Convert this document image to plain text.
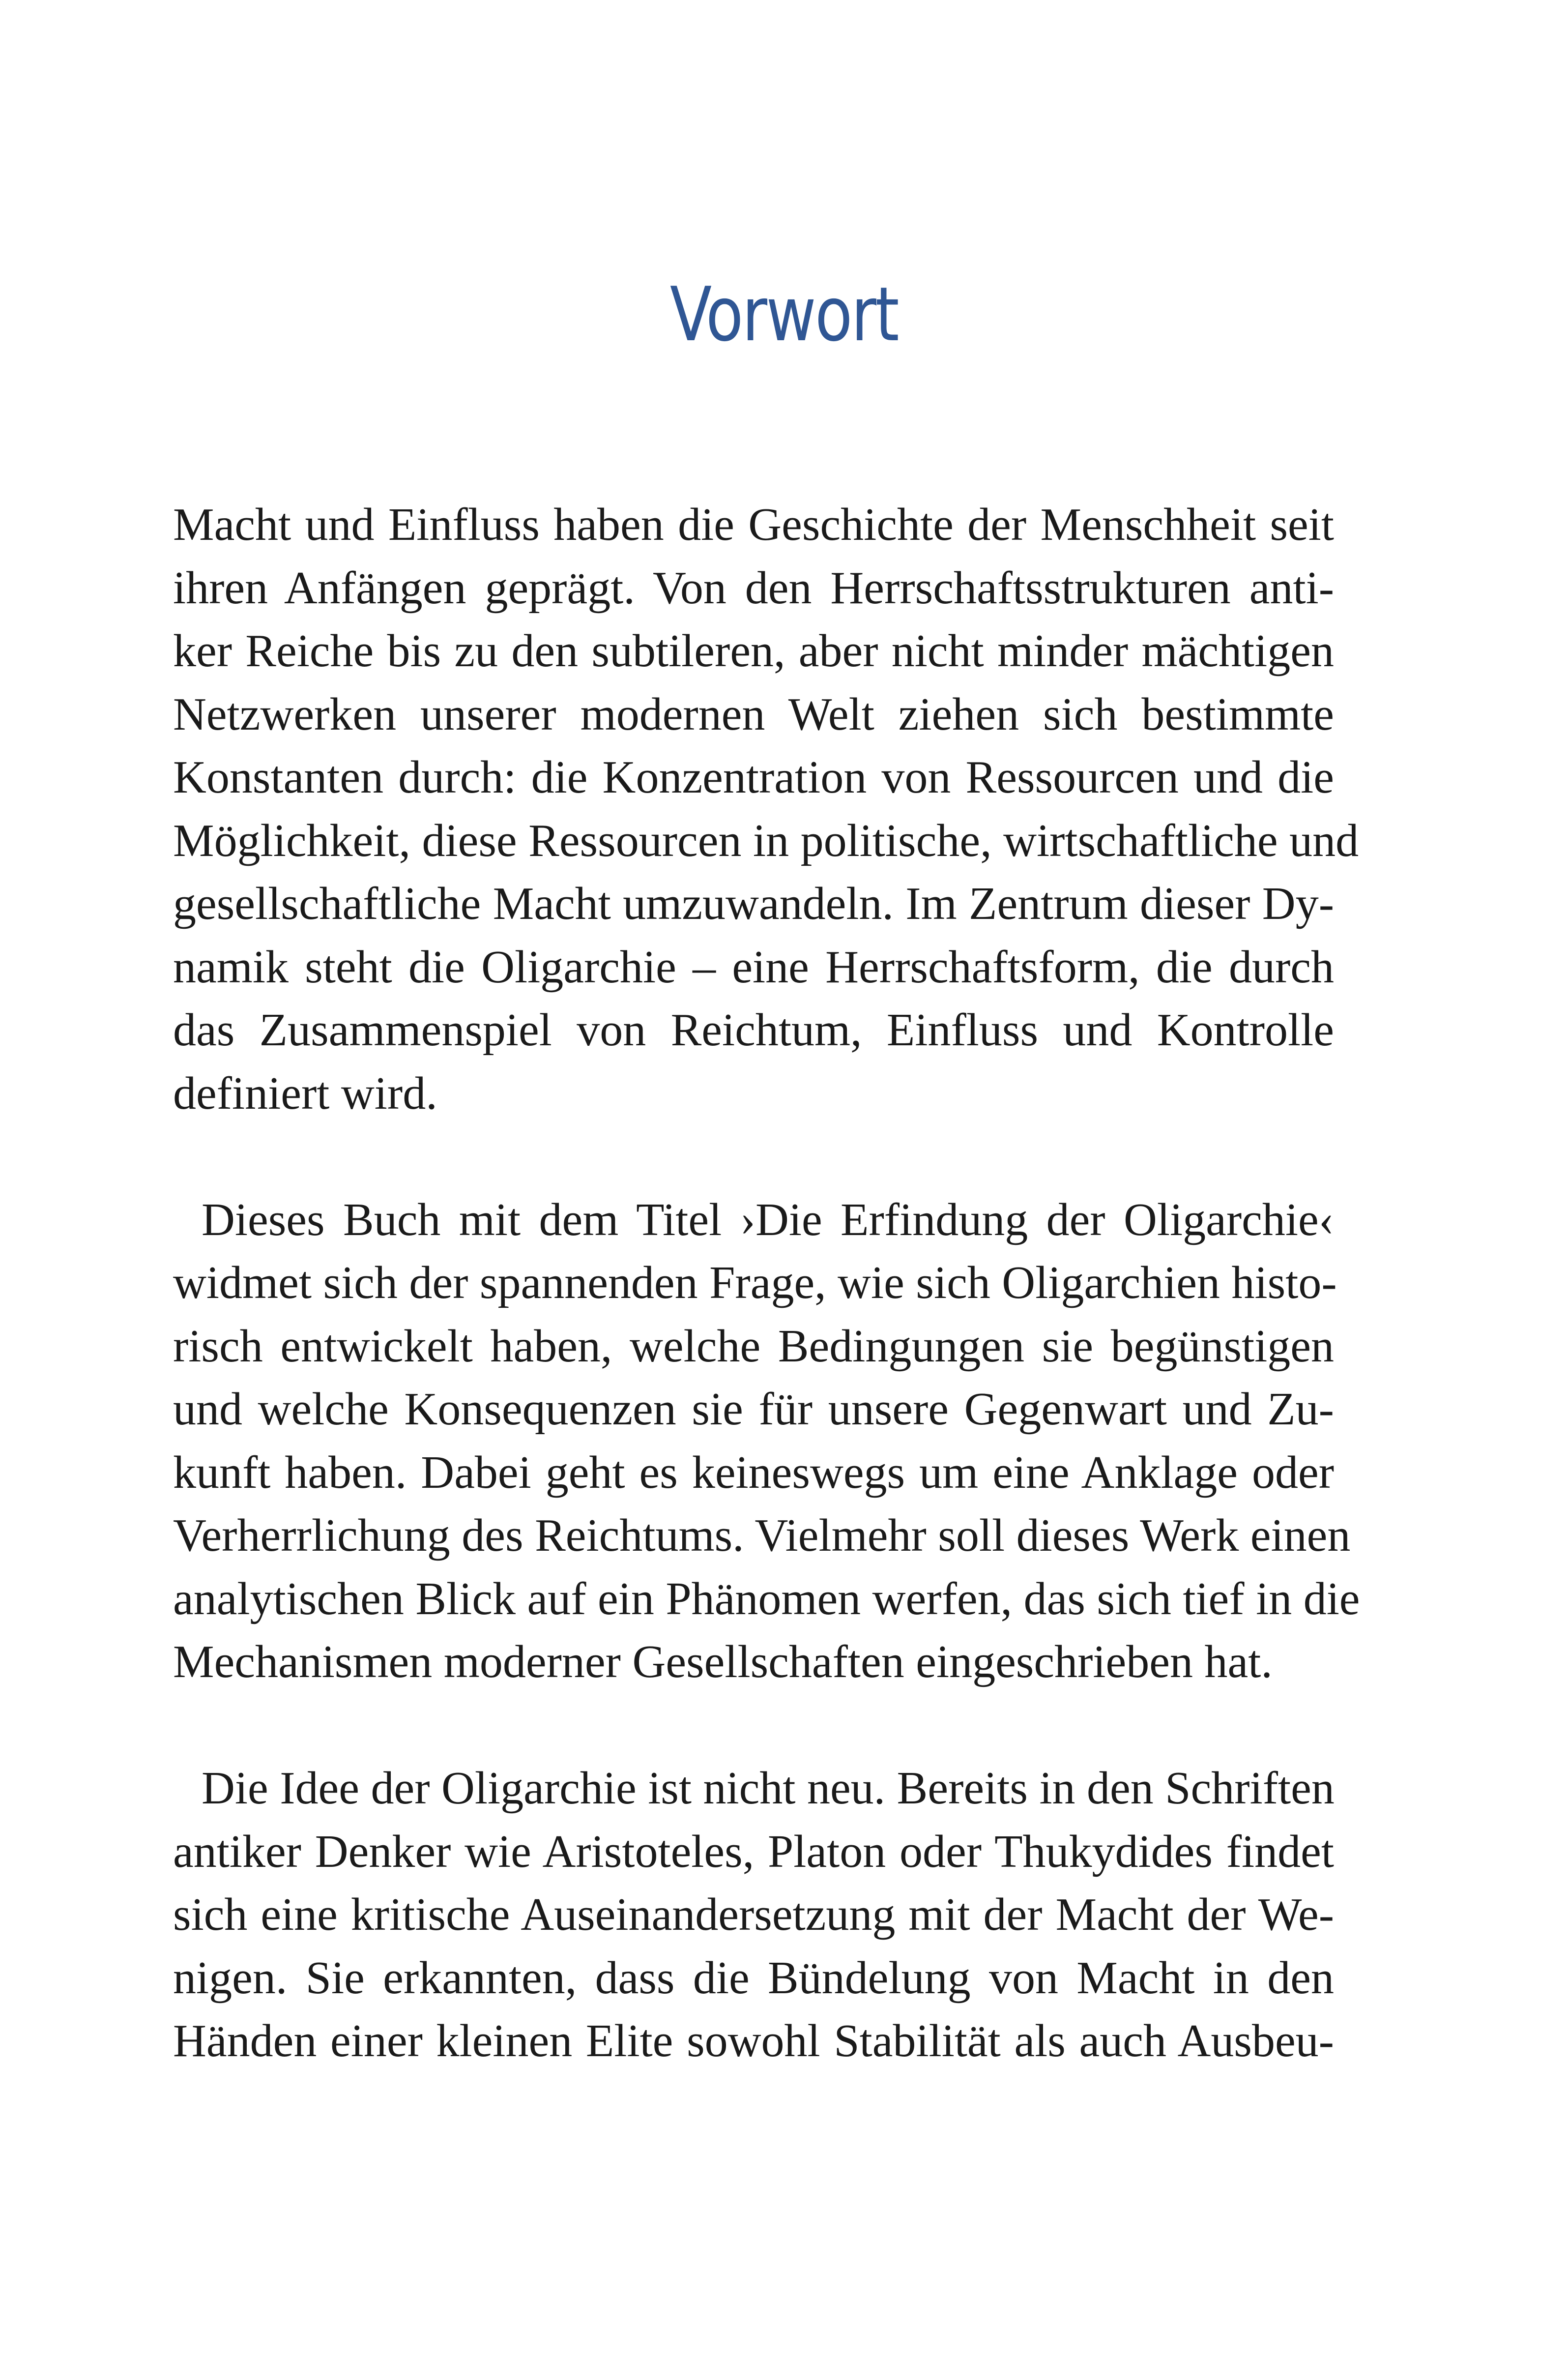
Vorwort

Macht und Einfluss haben die Geschichte der Menschheit seit
ihren Anfängen geprägt. Von den Herrschaftsstrukturen anti-
ker Reiche bis zu den subtileren, aber nicht minder mächtigen
Netzwerken unserer modernen Welt ziehen sich bestimmte
Konstanten durch: die Konzentration von Ressourcen und die
Möglichkeit, diese Ressourcen in politische, wirtschaftliche und
gesellschaftliche Macht umzuwandeln. Im Zentrum dieser Dy-
namik steht die Oligarchie – eine Herrschaftsform, die durch
das Zusammenspiel von Reichtum, Einfluss und Kontrolle
definiert wird.

Dieses Buch mit dem Titel ›Die Erfindung der Oligarchie‹
widmet sich der spannenden Frage, wie sich Oligarchien histo-
risch entwickelt haben, welche Bedingungen sie begünstigen
und welche Konsequenzen sie für unsere Gegenwart und Zu-
kunft haben. Dabei geht es keineswegs um eine Anklage oder
Verherrlichung des Reichtums. Vielmehr soll dieses Werk einen
analytischen Blick auf ein Phänomen werfen, das sich tief in die
Mechanismen moderner Gesellschaften eingeschrieben hat.

Die Idee der Oligarchie ist nicht neu. Bereits in den Schriften
antiker Denker wie Aristoteles, Platon oder Thukydides findet
sich eine kritische Auseinandersetzung mit der Macht der We-
nigen. Sie erkannten, dass die Bündelung von Macht in den
Händen einer kleinen Elite sowohl Stabilität als auch Ausbeu-
